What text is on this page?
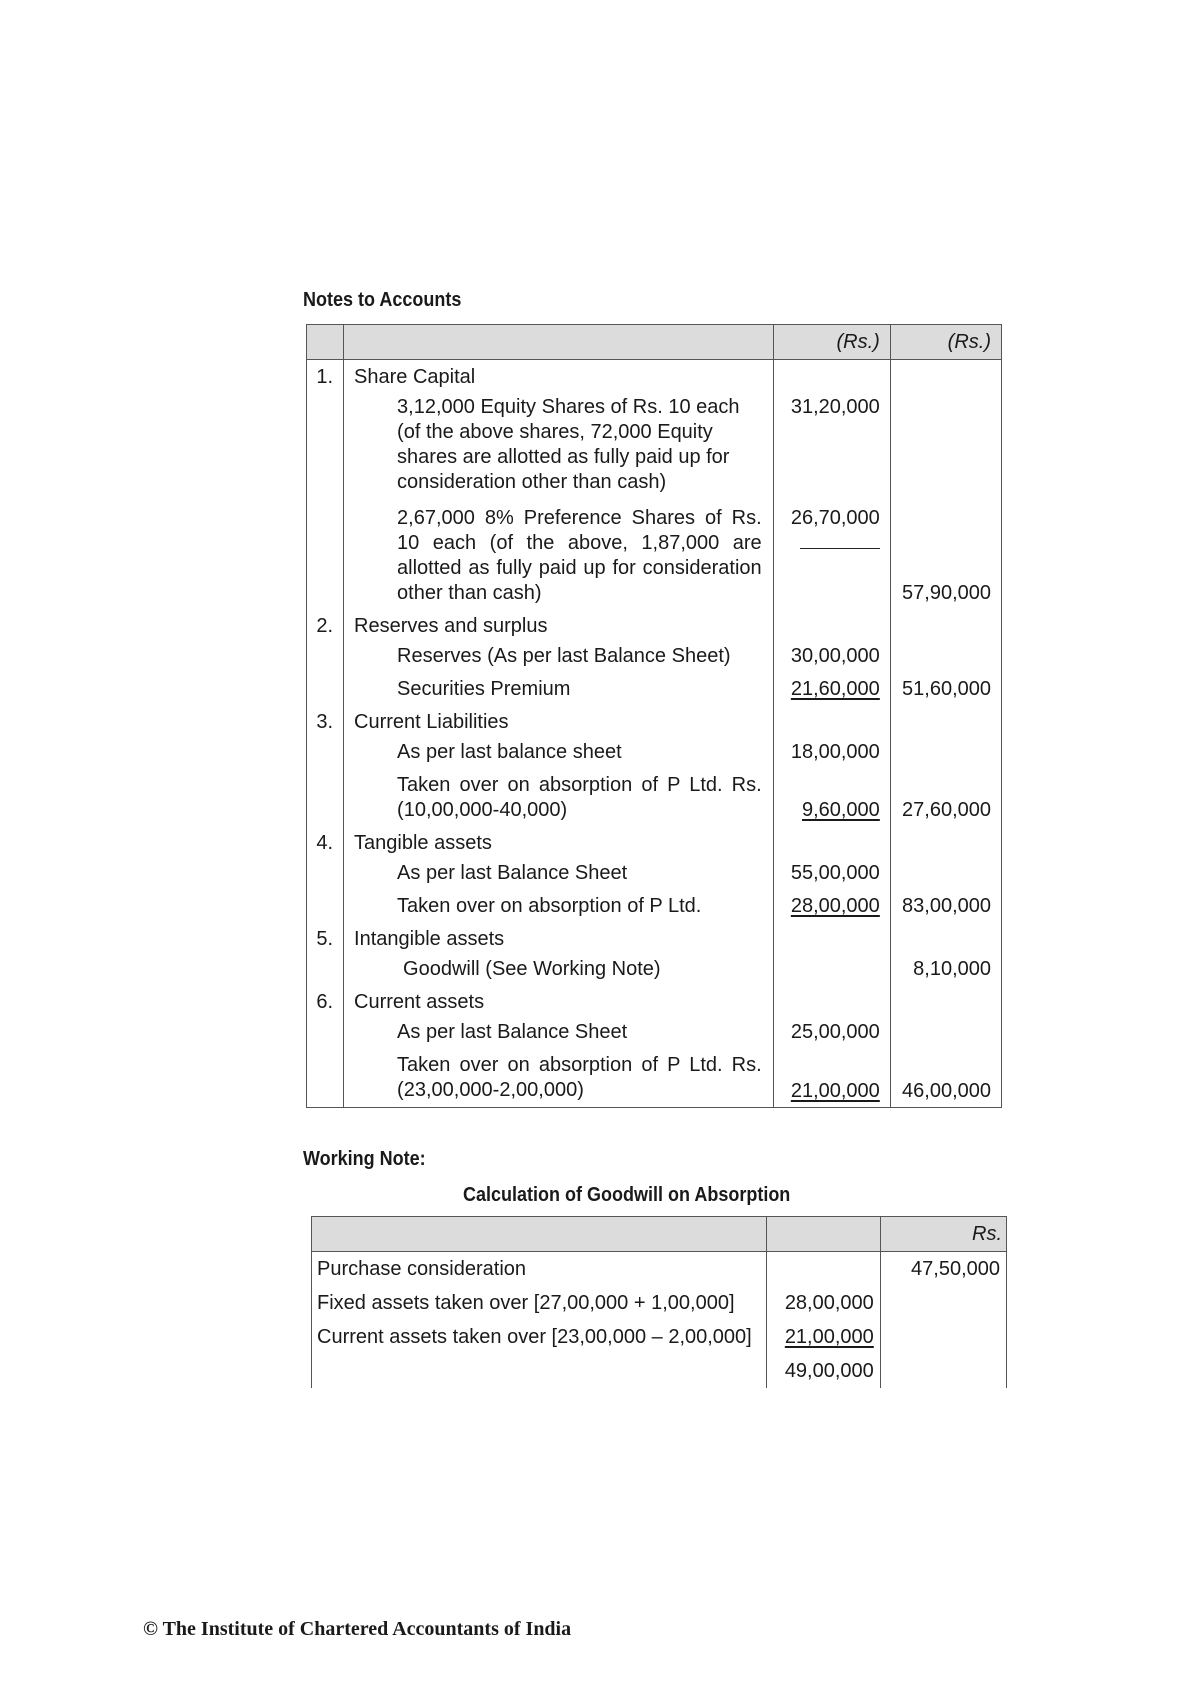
Notes to Accounts
		(Rs.)	(Rs.)
1.	Share Capital		
	3,12,000 Equity Shares of Rs. 10 each (of the above shares, 72,000 Equity shares are allotted as fully paid up for consideration other than cash)	31,20,000	
	2,67,000 8% Preference Shares of Rs. 10 each (of the above, 1,87,000 are allotted as fully paid up for consideration other than cash)	26,70,000	57,90,000
2.	Reserves and surplus		
	Reserves (As per last Balance Sheet)	30,00,000	
	Securities Premium	21,60,000	51,60,000
3.	Current Liabilities		
	As per last balance sheet	18,00,000	
	Taken over on absorption of P Ltd. Rs. (10,00,000-40,000)	9,60,000	27,60,000
4.	Tangible assets		
	As per last Balance Sheet	55,00,000	
	Taken over on absorption of P Ltd.	28,00,000	83,00,000
5.	Intangible assets		
	Goodwill (See Working Note)		8,10,000
6.	Current assets		
	As per last Balance Sheet	25,00,000	
	Taken over on absorption of P Ltd. Rs. (23,00,000-2,00,000)	21,00,000	46,00,000
Working Note:
Calculation of Goodwill on Absorption
		Rs.
Purchase consideration		47,50,000
Fixed assets taken over [27,00,000 + 1,00,000]	28,00,000	
Current assets taken over [23,00,000 – 2,00,000]	21,00,000	
	49,00,000	
© The Institute of Chartered Accountants of India
